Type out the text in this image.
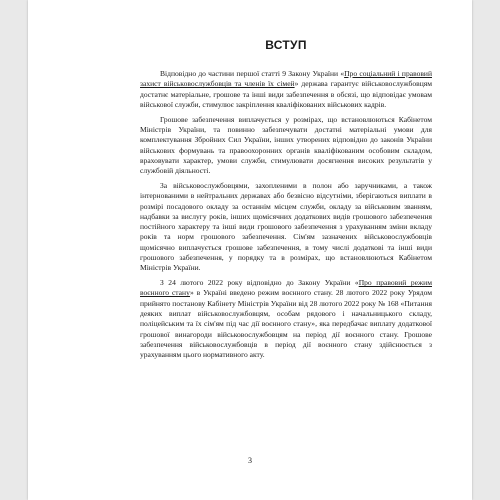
ВСТУП

Відповідно до частини першої статті 9 Закону України «Про соціальний і правовий захист військовослужбовців та членів їх сімей» держава гарантує військовослужбовцям достатнє матеріальне, грошове та інші види забезпечення в обсязі, що відповідає умовам військової служби, стимулює закріплення кваліфікованих військових кадрів.

Грошове забезпечення виплачується у розмірах, що встановлюються Кабінетом Міністрів України, та повинно забезпечувати достатні матеріальні умови для комплектування Збройних Сил України, інших утворених відповідно до законів України військових формувань та правоохоронних органів кваліфікованим особовим складом, враховувати характер, умови служби, стимулювати досягнення високих результатів у службовій діяльності.

За військовослужбовцями, захопленими в полон або заручниками, а також інтернованими в нейтральних державах або безвісно відсутніми, зберігаються виплати в розмірі посадового окладу за останнім місцем служби, окладу за військовим званням, надбавки за вислугу років, інших щомісячних додаткових видів грошового забезпечення постійного характеру та інші види грошового забезпечення з урахуванням зміни вкладу років та норм грошового забезпечення. Сім'ям зазначених військовослужбовців щомісячно виплачується грошове забезпечення, в тому числі додаткові та інші види грошового забезпечення, у порядку та в розмірах, що встановлюються Кабінетом Міністрів України.

З 24 лютого 2022 року відповідно до Закону України «Про правовий режим воєнного стану» в Україні введено режим воєнного стану. 28 лютого 2022 року Урядом прийнято постанову Кабінету Міністрів України від 28 лютого 2022 року № 168 «Питання деяких виплат військовослужбовцям, особам рядового і начальницького складу, поліцейським та їх сім'ям під час дії воєнного стану», яка передбачає виплату додаткової грошової винагороди військовослужбовцям на період дії воєнного стану. Грошове забезпечення військовослужбовців в період дії воєнного стану здійснюється з урахуванням цього нормативного акту.

3
